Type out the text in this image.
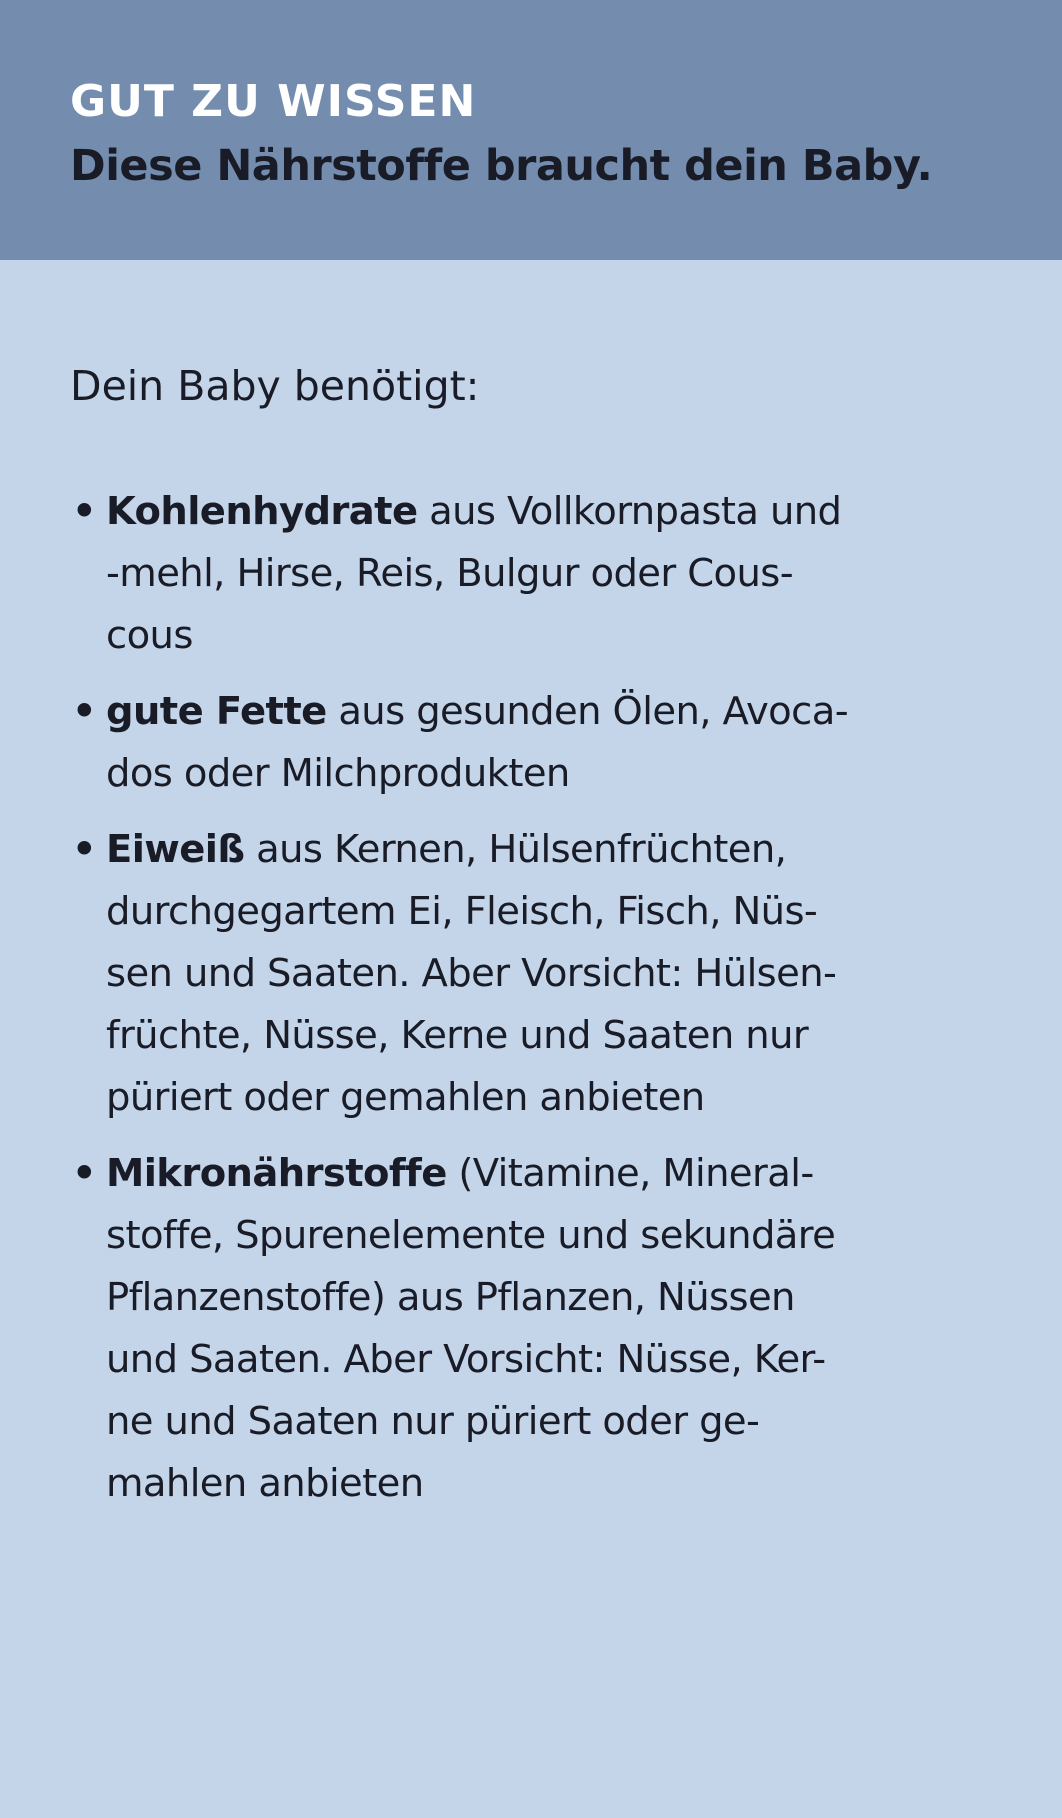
GUT ZU WISSEN

Diese Nährstoffe braucht dein Baby.

Dein Baby benötigt:

• Kohlenhydrate aus Vollkornpasta und
-mehl, Hirse, Reis, Bulgur oder Cous-
cous
• gute Fette aus gesunden Ölen, Avoca-
dos oder Milchprodukten
• Eiweiß aus Kernen, Hülsenfrüchten,
durchgegartem Ei, Fleisch, Fisch, Nüs-
sen und Saaten. Aber Vorsicht: Hülsen-
früchte, Nüsse, Kerne und Saaten nur
püriert oder gemahlen anbieten
• Mikronährstoffe (Vitamine, Mineral-
stoffe, Spurenelemente und sekundäre
Pflanzenstoffe) aus Pflanzen, Nüssen
und Saaten. Aber Vorsicht: Nüsse, Ker-
ne und Saaten nur püriert oder ge-
mahlen anbieten
